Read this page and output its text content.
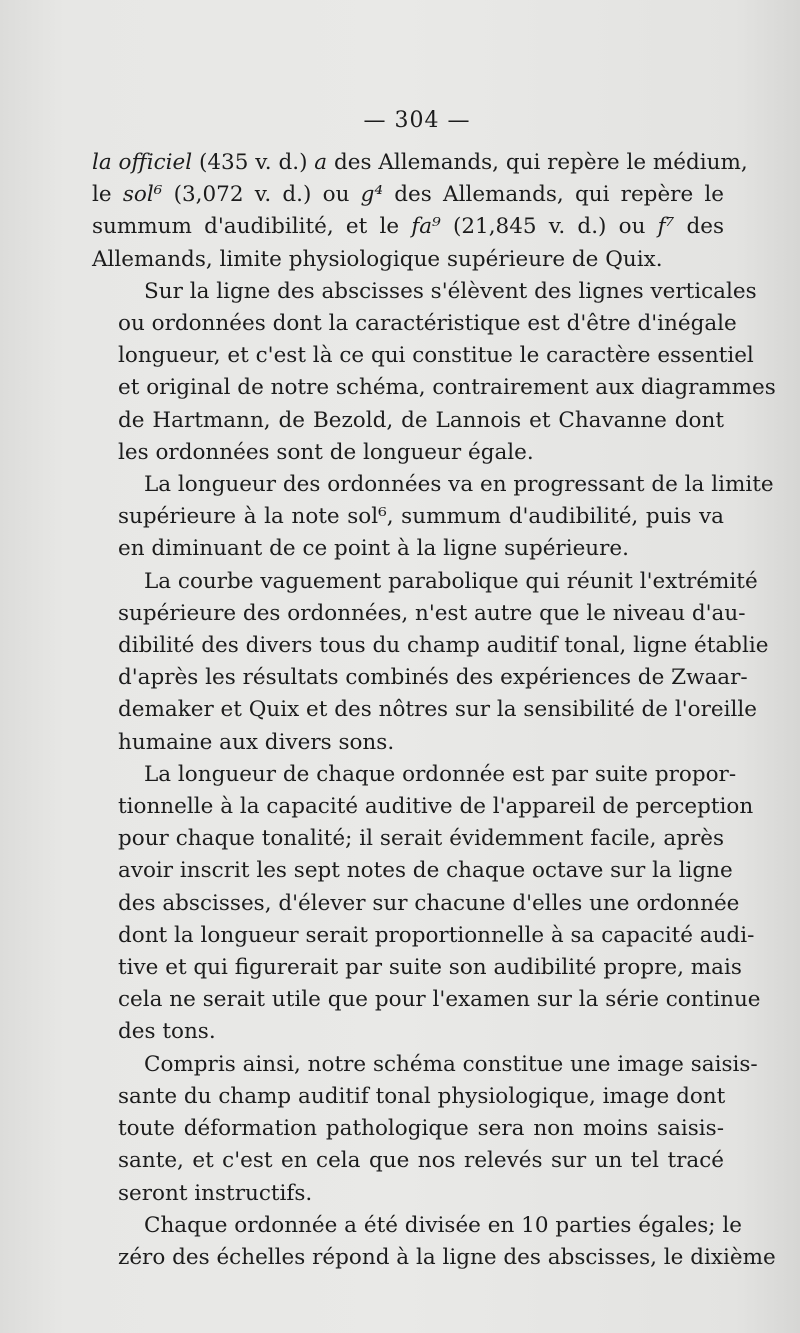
— 304 —

la officiel (435 v. d.) a des Allemands, qui repère le médium,
le sol⁶ (3,072 v. d.) ou g⁴ des Allemands, qui repère le
summum d'audibilité, et le fa⁹ (21,845 v. d.) ou f⁷ des
Allemands, limite physiologique supérieure de Quix.

Sur la ligne des abscisses s'élèvent des lignes verticales
ou ordonnées dont la caractéristique est d'être d'inégale
longueur, et c'est là ce qui constitue le caractère essentiel
et original de notre schéma, contrairement aux diagrammes
de Hartmann, de Bezold, de Lannois et Chavanne dont
les ordonnées sont de longueur égale.

La longueur des ordonnées va en progressant de la limite
supérieure à la note sol⁶, summum d'audibilité, puis va
en diminuant de ce point à la ligne supérieure.

La courbe vaguement parabolique qui réunit l'extrémité
supérieure des ordonnées, n'est autre que le niveau d'au-
dibilité des divers tous du champ auditif tonal, ligne établie
d'après les résultats combinés des expériences de Zwaar-
demaker et Quix et des nôtres sur la sensibilité de l'oreille
humaine aux divers sons.

La longueur de chaque ordonnée est par suite propor-
tionnelle à la capacité auditive de l'appareil de perception
pour chaque tonalité; il serait évidemment facile, après
avoir inscrit les sept notes de chaque octave sur la ligne
des abscisses, d'élever sur chacune d'elles une ordonnée
dont la longueur serait proportionnelle à sa capacité audi-
tive et qui figurerait par suite son audibilité propre, mais
cela ne serait utile que pour l'examen sur la série continue
des tons.

Compris ainsi, notre schéma constitue une image saisis-
sante du champ auditif tonal physiologique, image dont
toute déformation pathologique sera non moins saisis-
sante, et c'est en cela que nos relevés sur un tel tracé
seront instructifs.

Chaque ordonnée a été divisée en 10 parties égales; le
zéro des échelles répond à la ligne des abscisses, le dixième
